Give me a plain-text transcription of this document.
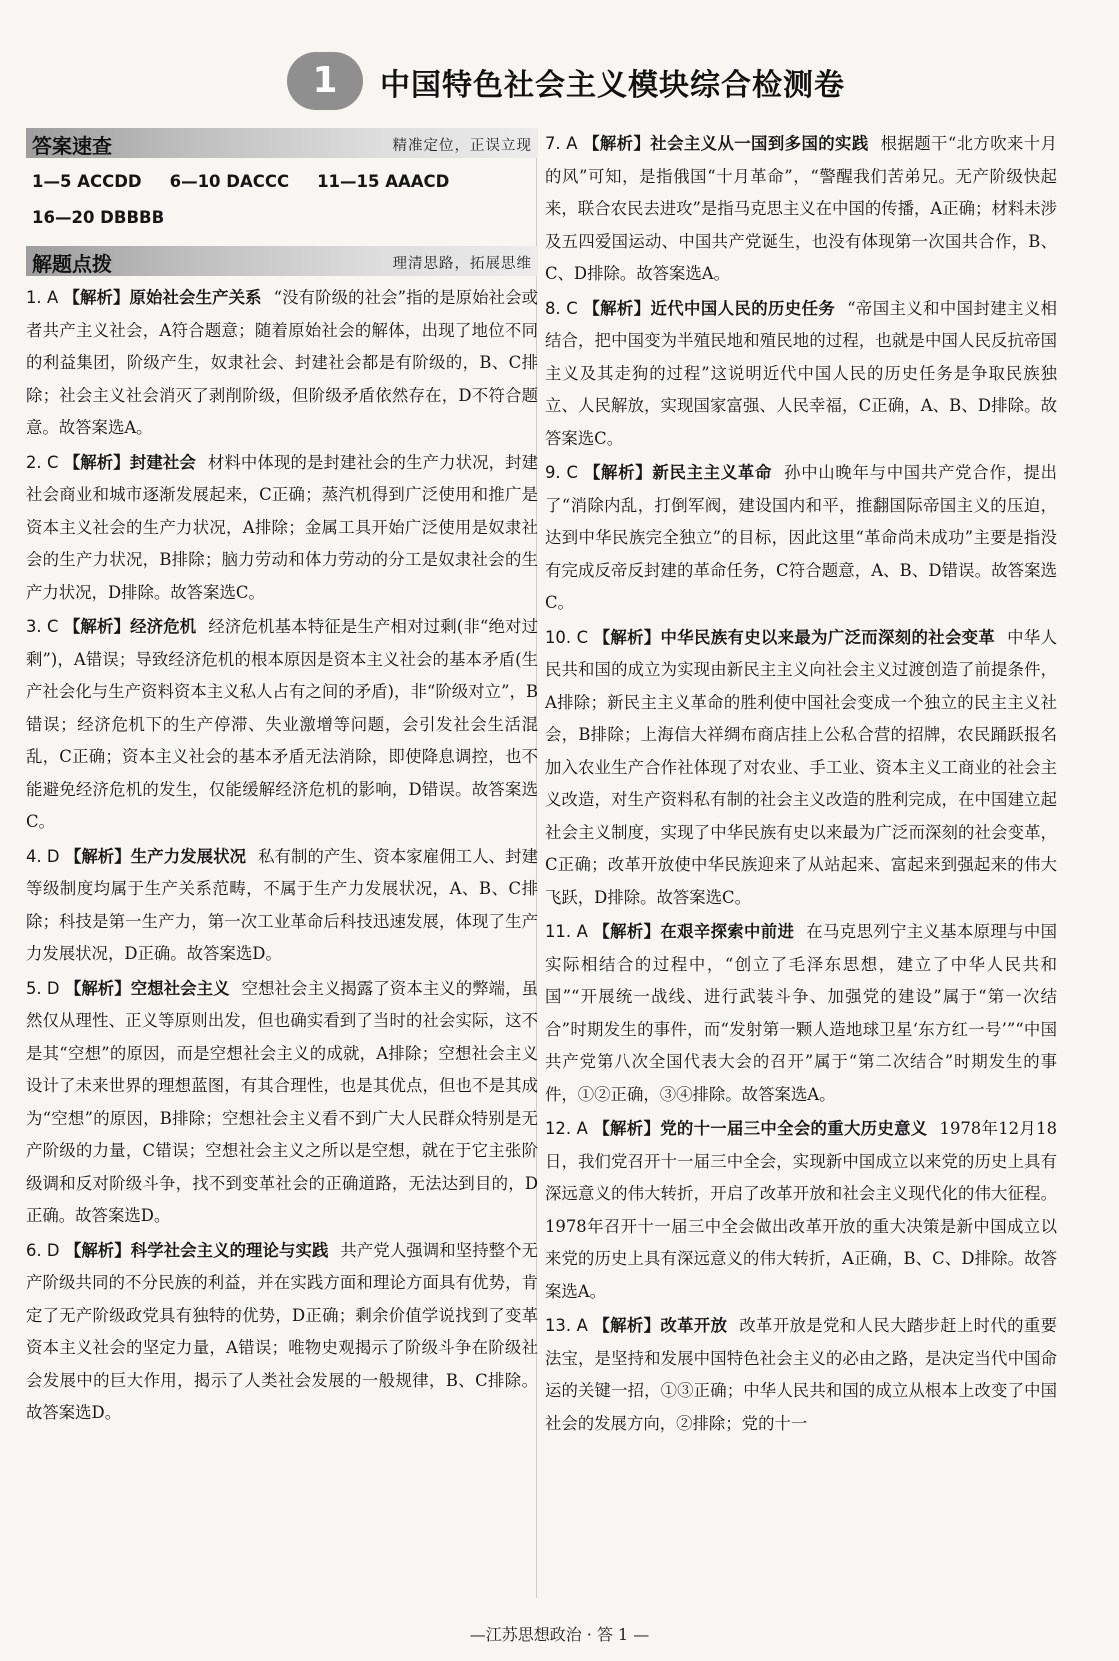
1	中国特色社会主义模块综合检测卷
答案速查	精准定位，正误立现
1—5 ACCDD 6—10 DACCC 11—15 AAACD
16—20 DBBBB
解题点拨	理清思路，拓展思维
1. A 【解析】原始社会生产关系 “没有阶级的社会”指的是原始社会或者共产主义社会，A符合题意；随着原始社会的解体，出现了地位不同的利益集团，阶级产生，奴隶社会、封建社会都是有阶级的，B、C排除；社会主义社会消灭了剥削阶级，但阶级矛盾依然存在，D不符合题意。故答案选A。
2. C 【解析】封建社会 材料中体现的是封建社会的生产力状况，封建社会商业和城市逐渐发展起来，C正确；蒸汽机得到广泛使用和推广是资本主义社会的生产力状况，A排除；金属工具开始广泛使用是奴隶社会的生产力状况，B排除；脑力劳动和体力劳动的分工是奴隶社会的生产力状况，D排除。故答案选C。
3. C 【解析】经济危机 经济危机基本特征是生产相对过剩(非“绝对过剩”)，A错误；导致经济危机的根本原因是资本主义社会的基本矛盾(生产社会化与生产资料资本主义私人占有之间的矛盾)，非“阶级对立”，B错误；经济危机下的生产停滞、失业激增等问题，会引发社会生活混乱，C正确；资本主义社会的基本矛盾无法消除，即使降息调控，也不能避免经济危机的发生，仅能缓解经济危机的影响，D错误。故答案选C。
4. D 【解析】生产力发展状况 私有制的产生、资本家雇佣工人、封建等级制度均属于生产关系范畴，不属于生产力发展状况，A、B、C排除；科技是第一生产力，第一次工业革命后科技迅速发展，体现了生产力发展状况，D正确。故答案选D。
5. D 【解析】空想社会主义 空想社会主义揭露了资本主义的弊端，虽然仅从理性、正义等原则出发，但也确实看到了当时的社会实际，这不是其“空想”的原因，而是空想社会主义的成就，A排除；空想社会主义设计了未来世界的理想蓝图，有其合理性，也是其优点，但也不是其成为“空想”的原因，B排除；空想社会主义看不到广大人民群众特别是无产阶级的力量，C错误；空想社会主义之所以是空想，就在于它主张阶级调和反对阶级斗争，找不到变革社会的正确道路，无法达到目的，D正确。故答案选D。
6. D 【解析】科学社会主义的理论与实践 共产党人强调和坚持整个无产阶级共同的不分民族的利益，并在实践方面和理论方面具有优势，肯定了无产阶级政党具有独特的优势，D正确；剩余价值学说找到了变革资本主义社会的坚定力量，A错误；唯物史观揭示了阶级斗争在阶级社会发展中的巨大作用，揭示了人类社会发展的一般规律，B、C排除。故答案选D。
7. A 【解析】社会主义从一国到多国的实践 根据题干“北方吹来十月的风”可知，是指俄国“十月革命”，“警醒我们苦弟兄。无产阶级快起来，联合农民去进攻”是指马克思主义在中国的传播，A正确；材料未涉及五四爱国运动、中国共产党诞生，也没有体现第一次国共合作，B、C、D排除。故答案选A。
8. C 【解析】近代中国人民的历史任务 “帝国主义和中国封建主义相结合，把中国变为半殖民地和殖民地的过程，也就是中国人民反抗帝国主义及其走狗的过程”这说明近代中国人民的历史任务是争取民族独立、人民解放，实现国家富强、人民幸福，C正确，A、B、D排除。故答案选C。
9. C 【解析】新民主主义革命 孙中山晚年与中国共产党合作，提出了“消除内乱，打倒军阀，建设国内和平，推翻国际帝国主义的压迫，达到中华民族完全独立”的目标，因此这里“革命尚未成功”主要是指没有完成反帝反封建的革命任务，C符合题意，A、B、D错误。故答案选C。
10. C 【解析】中华民族有史以来最为广泛而深刻的社会变革 中华人民共和国的成立为实现由新民主主义向社会主义过渡创造了前提条件，A排除；新民主主义革命的胜利使中国社会变成一个独立的民主主义社会，B排除；上海信大祥绸布商店挂上公私合营的招牌，农民踊跃报名加入农业生产合作社体现了对农业、手工业、资本主义工商业的社会主义改造，对生产资料私有制的社会主义改造的胜利完成，在中国建立起社会主义制度，实现了中华民族有史以来最为广泛而深刻的社会变革，C正确；改革开放使中华民族迎来了从站起来、富起来到强起来的伟大飞跃，D排除。故答案选C。
11. A 【解析】在艰辛探索中前进 在马克思列宁主义基本原理与中国实际相结合的过程中，“创立了毛泽东思想，建立了中华人民共和国”“开展统一战线、进行武装斗争、加强党的建设”属于“第一次结合”时期发生的事件，而“发射第一颗人造地球卫星‘东方红一号’”“中国共产党第八次全国代表大会的召开”属于“第二次结合”时期发生的事件，①②正确，③④排除。故答案选A。
12. A 【解析】党的十一届三中全会的重大历史意义 1978年12月18日，我们党召开十一届三中全会，实现新中国成立以来党的历史上具有深远意义的伟大转折，开启了改革开放和社会主义现代化的伟大征程。1978年召开十一届三中全会做出改革开放的重大决策是新中国成立以来党的历史上具有深远意义的伟大转折，A正确，B、C、D排除。故答案选A。
13. A 【解析】改革开放 改革开放是党和人民大踏步赶上时代的重要法宝，是坚持和发展中国特色社会主义的必由之路，是决定当代中国命运的关键一招，①③正确；中华人民共和国的成立从根本上改变了中国社会的发展方向，②排除；党的十一
—江苏思想政治 · 答 1 —
